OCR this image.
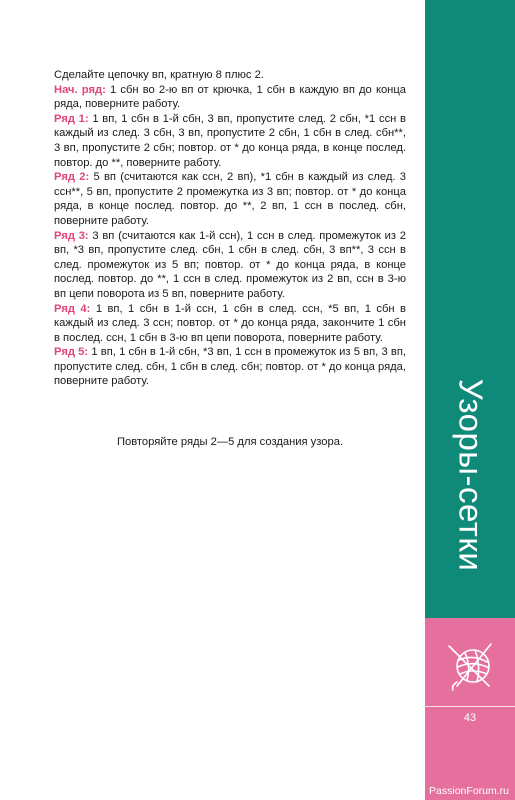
Сделайте цепочку вп, кратную 8 плюс 2.

Нач. ряд: 1 сбн во 2-ю вп от крючка, 1 сбн в каждую вп до конца ряда, поверните работу.

Ряд 1: 1 вп, 1 сбн в 1-й сбн, 3 вп, пропустите след. 2 сбн, *1 ссн в каждый из след. 3 сбн, 3 вп, пропустите 2 сбн, 1 сбн в след. сбн**, 3 вп, пропустите 2 сбн; повтор. от * до конца ряда, в конце послед. повтор. до **, поверните работу.

Ряд 2: 5 вп (считаются как ссн, 2 вп), *1 сбн в каждый из след. 3 ссн**, 5 вп, пропустите 2 промежутка из 3 вп; повтор. от * до конца ряда, в конце послед. повтор. до **, 2 вп, 1 ссн в послед. сбн, поверните работу.

Ряд 3: 3 вп (считаются как 1-й ссн), 1 ссн в след. промежуток из 2 вп, *3 вп, пропустите след. сбн, 1 сбн в след. сбн, 3 вп**, 3 ссн в след. промежуток из 5 вп; повтор. от * до конца ряда, в конце послед. повтор. до **, 1 ссн в след. промежуток из 2 вп, ссн в 3-ю вп цепи поворота из 5 вп, поверните работу.

Ряд 4: 1 вп, 1 сбн в 1-й ссн, 1 сбн в след. ссн, *5 вп, 1 сбн в каждый из след. 3 ссн; повтор. от * до конца ряда, закончите 1 сбн в послед. ссн, 1 сбн в 3-ю вп цепи поворота, поверните работу.

Ряд 5: 1 вп, 1 сбн в 1-й сбн, *3 вп, 1 ссн в промежуток из 5 вп, 3 вп, пропустите след. сбн, 1 сбн в след. сбн; повтор. от * до конца ряда, поверните работу.

Повторяйте ряды 2—5 для создания узора.	Узоры-сетки
43
PassionForum.ru
